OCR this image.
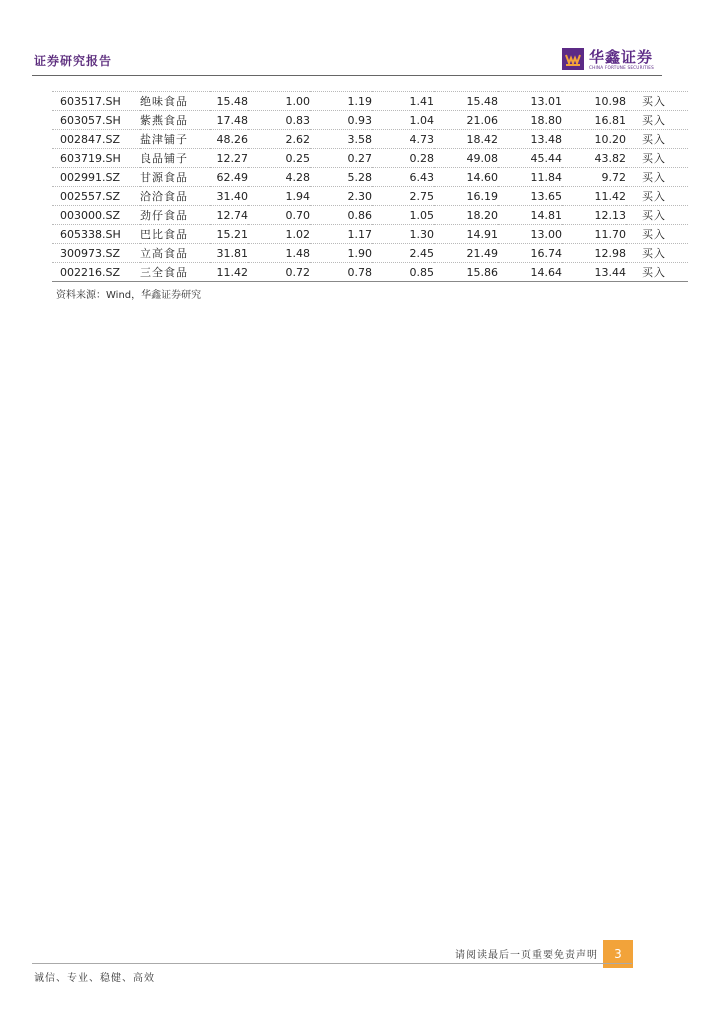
证券研究报告	华鑫证券
CHINA FORTUNE SECURITIES
603517.SH	绝味食品	15.48	1.00	1.19	1.41	15.48	13.01	10.98	买入
603057.SH	紫燕食品	17.48	0.83	0.93	1.04	21.06	18.80	16.81	买入
002847.SZ	盐津铺子	48.26	2.62	3.58	4.73	18.42	13.48	10.20	买入
603719.SH	良品铺子	12.27	0.25	0.27	0.28	49.08	45.44	43.82	买入
002991.SZ	甘源食品	62.49	4.28	5.28	6.43	14.60	11.84	9.72	买入
002557.SZ	洽洽食品	31.40	1.94	2.30	2.75	16.19	13.65	11.42	买入
003000.SZ	劲仔食品	12.74	0.70	0.86	1.05	18.20	14.81	12.13	买入
605338.SH	巴比食品	15.21	1.02	1.17	1.30	14.91	13.00	11.70	买入
300973.SZ	立高食品	31.81	1.48	1.90	2.45	21.49	16.74	12.98	买入
002216.SZ	三全食品	11.42	0.72	0.78	0.85	15.86	14.64	13.44	买入
资料来源：Wind，华鑫证券研究
请阅读最后一页重要免责声明	3
诚信、专业、稳健、高效
